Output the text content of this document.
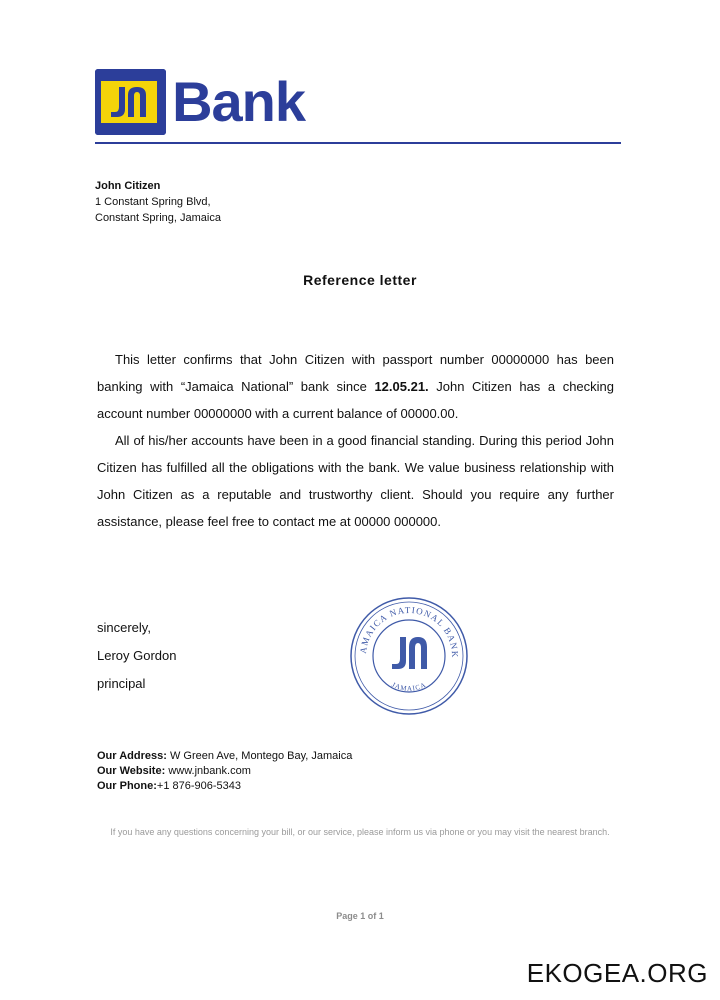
Bank
John Citizen
1 Constant Spring Blvd,
Constant Spring, Jamaica
Reference letter

This letter confirms that John Citizen with passport number 00000000 has been banking with “Jamaica National” bank since 12.05.21. John Citizen has a checking account number 00000000 with a current balance of 00000.00.

All of his/her accounts have been in a good financial standing. During this period John Citizen has fulfilled all the obligations with the bank. We value business relationship with John Citizen as a reputable and trustworthy client. Should you require any further assistance, please feel free to contact me at 00000 000000.

sincerely,
Leroy Gordon
principal
AMAICA NATIONAL BANK
JAMAICA
Our Address: W Green Ave, Montego Bay, Jamaica
Our Website: www.jnbank.com
Our Phone:+1 876-906-5343
If you have any questions concerning your bill, or our service, please inform us via phone or you may visit the nearest branch.
Page 1 of 1
EKOGEA.ORG
